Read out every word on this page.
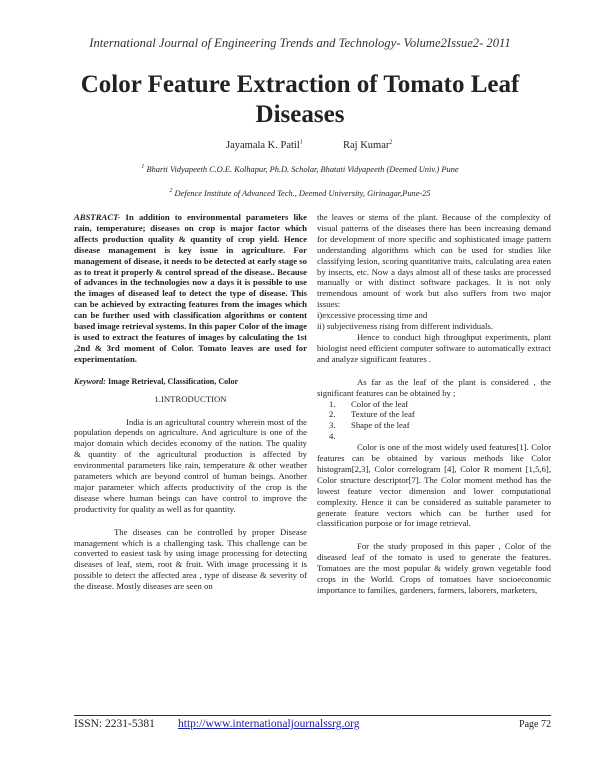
International Journal of Engineering Trends and Technology- Volume2Issue2- 2011
Color Feature Extraction of Tomato Leaf Diseases
Jayamala K. Patil$^1$	Raj Kumar$^2$
$^1$ Bharti Vidyapeeth C.O.E. Kolhapur, Ph.D. Scholar, Bhatati Vidyapeeth (Deemed Univ.) Pune
$^2$ Defence Institute of Advanced Tech., Deemed University, Girinagar,Pune-25
ABSTRACT- In addition to environmental parameters like rain, temperature; diseases on crop is major factor which affects production quality & quantity of crop yield. Hence disease management is key issue in agriculture. For management of disease, it needs to be detected at early stage so as to treat it properly & control spread of the disease.. Because of advances in the technologies now a days it is possible to use the images of diseased leaf to detect the type of disease. This can be achieved by extracting features from the images which can be further used with classification algorithms or content based image retrieval systems. In this paper Color of the image is used to extract the features of images by calculating the 1st ,2nd & 3rd moment of Color. Tomato leaves are used for experimentation.
Keyword: Image Retrieval, Classification, Color
1.INTRODUCTION
India is an agricultural country wherein most of the population depends on agriculture. And agriculture is one of the major domain which decides economy of the nation. The quality & quantity of the agricultural production is affected by environmental parameters like rain, temperature & other weather parameters which are beyond control of human beings. Another major parameter which affects productivity of the crop is the disease where human beings can have control to improve the productivity for quality as well as for quantity.
The diseases can be controlled by proper Disease management which is a challenging task. This challenge can be converted to easiest task by using image processing for detecting diseases of leaf, stem, root & fruit. With image processing it is possible to detect the affected area , type of disease & severity of the disease. Mostly diseases are seen on
the leaves or stems of the plant. Because of the complexity of visual patterns of the diseases there has been increasing demand for development of more specific and sophisticated image pattern understanding algorithms which can be used for studies like classifying lesion, scoring quantitative traits, calculating area eaten by insects, etc. Now a days almost all of these tasks are processed manually or with distinct software packages. It is not only tremendous amount of work but also suffers from two major issues:
i)excessive processing time and
ii) subjectiveness rising from different individuals.
Hence to conduct high throughput experiments, plant biologist need efficient computer software to automatically extract and analyze significant features .
As far as the leaf of the plant is considered , the significant features can be obtained by ;
1. Color of the leaf
2. Texture of the leaf
3. Shape of the leaf
4.
Color is one of the most widely used features[1]. Color features can be obtained by various methods like Color histogram[2,3], Color correlogram [4], Color R moment [1,5,6], Color structure descriptor[7]. The Color moment method has the lowest feature vector dimension and lower computational complexity. Hence it can be considered as suitable parameter to generate feature vectors which can be further used for classification purpose or for image retrieval.
For the study proposed in this paper , Color of the diseased leaf of the tomato is used to generate the features. Tomatoes are the most popular & widely grown vegetable food crops in the World. Crops of tomatoes have socioeconomic importance to families, gardeners, farmers, laborers, marketers,
ISSN: 2231-5381 http://www.internationaljournalssrg.org	Page 72
